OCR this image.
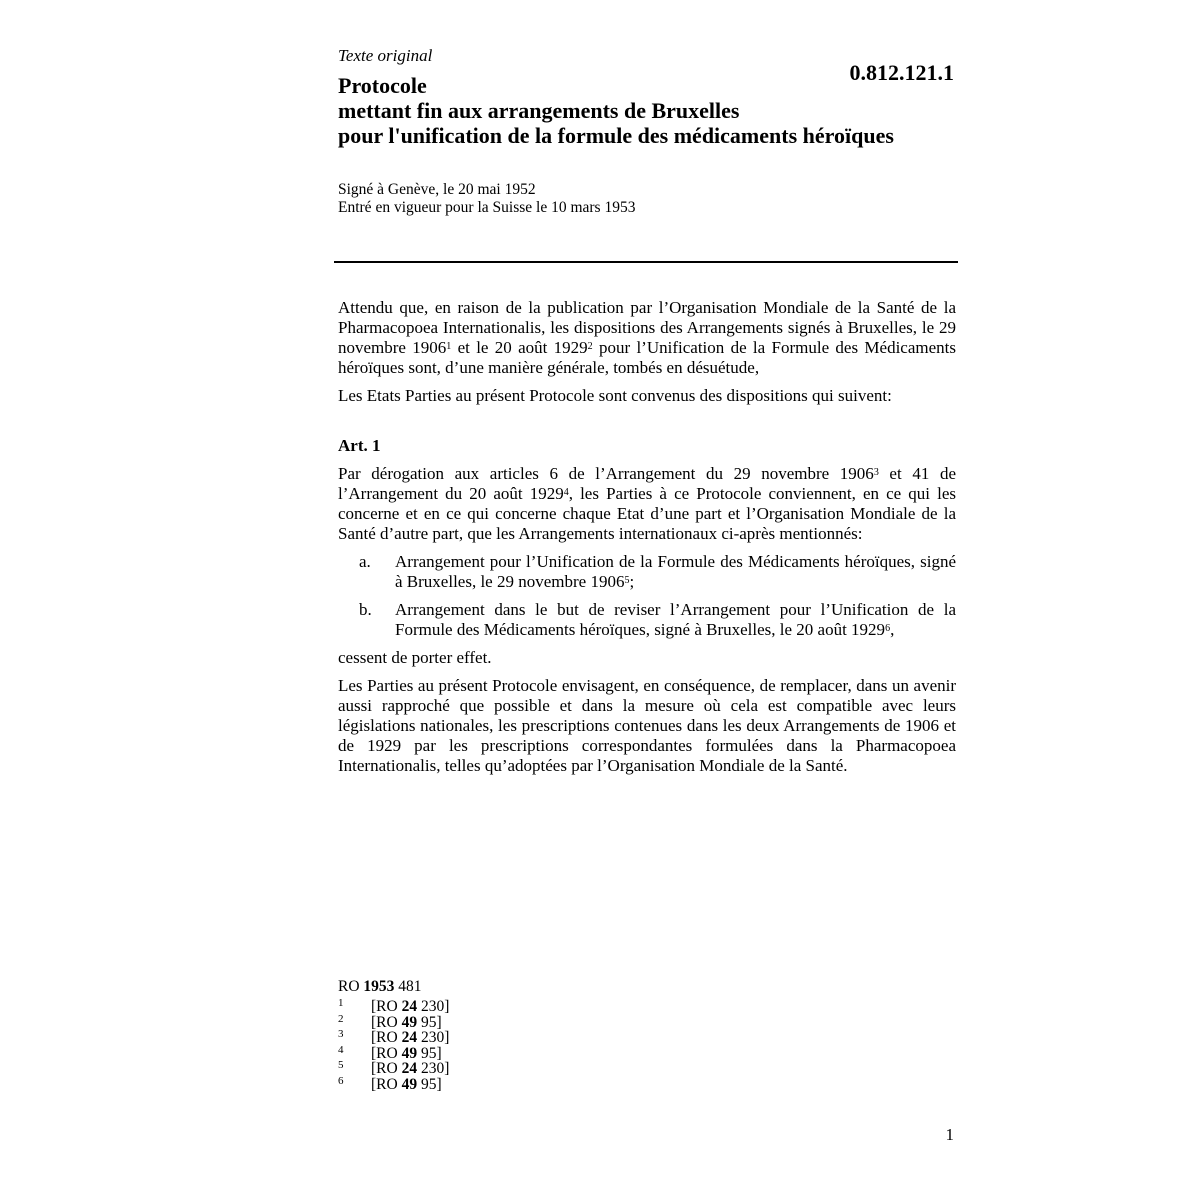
Texte original
0.812.121.1
Protocole
mettant fin aux arrangements de Bruxelles
pour l'unification de la formule des médicaments héroïques
Signé à Genève, le 20 mai 1952
Entré en vigueur pour la Suisse le 10 mars 1953

Attendu que, en raison de la publication par l’Organisation Mondiale de la Santé de la Pharmacopoea Internationalis, les dispositions des Arrangements signés à Bruxelles, le 29 novembre 1906$^1$ et le 20 août 1929$^2$ pour l’Unification de la Formule des Médicaments héroïques sont, d’une manière générale, tombés en désuétude,

Les Etats Parties au présent Protocole sont convenus des dispositions qui suivent:

Art. 1

Par dérogation aux articles 6 de l’Arrangement du 29 novembre 1906$^3$ et 41 de l’Arrangement du 20 août 1929$^4$, les Parties à ce Protocole conviennent, en ce qui les concerne et en ce qui concerne chaque Etat d’une part et l’Organisation Mondiale de la Santé d’autre part, que les Arrangements internationaux ci-après mentionnés:

a.	Arrangement pour l’Unification de la Formule des Médicaments héroïques, signé à Bruxelles, le 29 novembre 1906$^5$;
b.	Arrangement dans le but de reviser l’Arrangement pour l’Unification de la Formule des Médicaments héroïques, signé à Bruxelles, le 20 août 1929$^6$,

cessent de porter effet.

Les Parties au présent Protocole envisagent, en conséquence, de remplacer, dans un avenir aussi rapproché que possible et dans la mesure où cela est compatible avec leurs législations nationales, les prescriptions contenues dans les deux Arrangements de 1906 et de 1929 par les prescriptions correspondantes formulées dans la Pharmacopoea Internationalis, telles qu’adoptées par l’Organisation Mondiale de la Santé.

RO 1953 481
1	[RO 24 230]
2	[RO 49 95]
3	[RO 24 230]
4	[RO 49 95]
5	[RO 24 230]
6	[RO 49 95]
1
